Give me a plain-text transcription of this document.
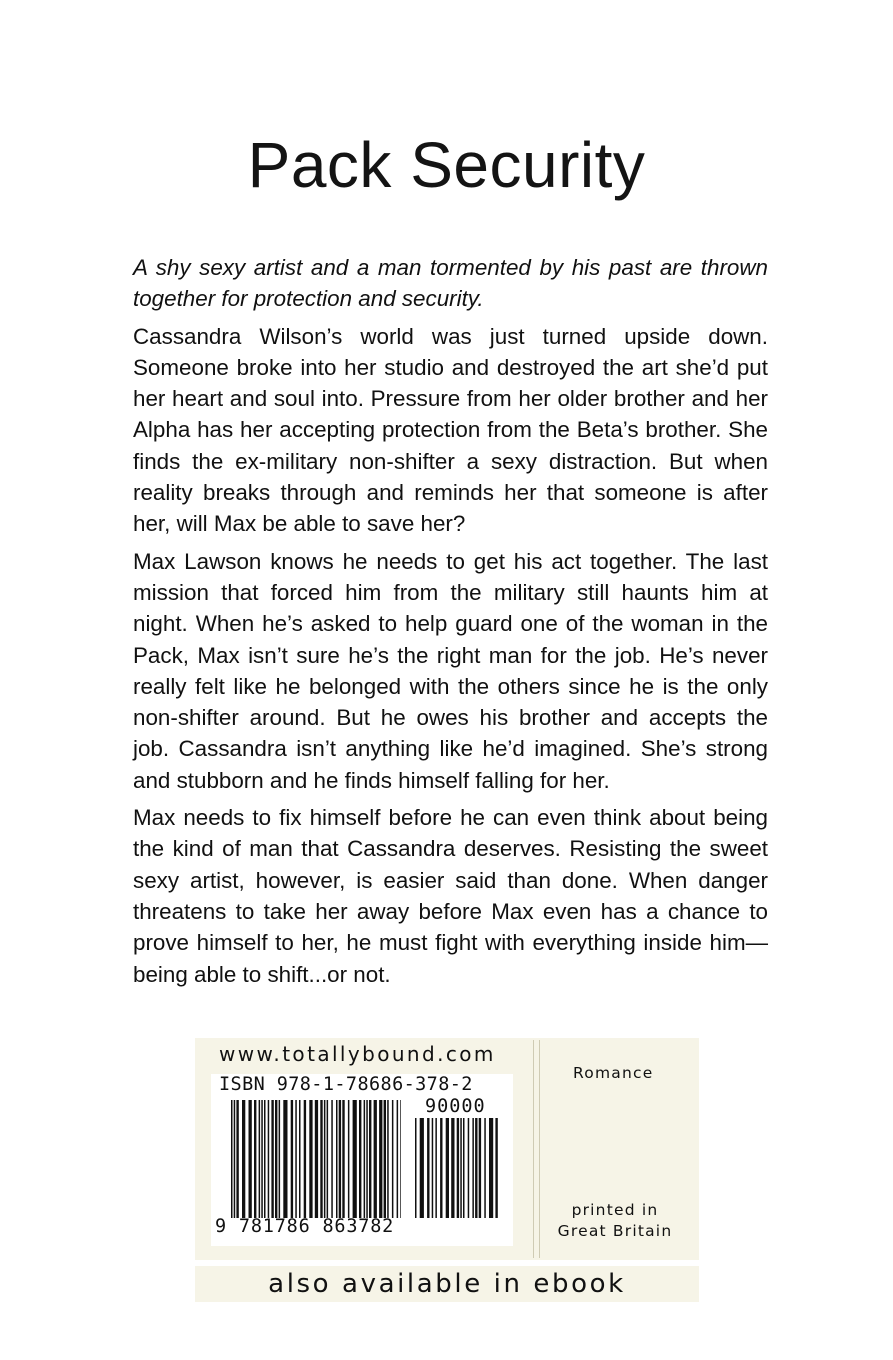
Pack Security

A shy sexy artist and a man tormented by his past are thrown together for protection and security.

Cassandra Wilson’s world was just turned upside down. Someone broke into her studio and destroyed the art she’d put her heart and soul into. Pressure from her older brother and her Alpha has her accepting protection from the Beta’s brother. She finds the ex-military non-shifter a sexy distraction. But when reality breaks through and reminds her that someone is after her, will Max be able to save her?

Max Lawson knows he needs to get his act together. The last mission that forced him from the military still haunts him at night. When he’s asked to help guard one of the woman in the Pack, Max isn’t sure he’s the right man for the job. He’s never really felt like he belonged with the others since he is the only non-shifter around. But he owes his brother and accepts the job. Cassandra isn’t anything like he’d imagined. She’s strong and stubborn and he finds himself falling for her.

Max needs to fix himself before he can even think about being the kind of man that Cassandra deserves. Resisting the sweet sexy artist, however, is easier said than done. When danger threatens to take her away before Max even has a chance to prove himself to her, he must fight with everything inside him—being able to shift...or not.

www.totallybound.com
ISBN 978-1-78686-378-2
90000
9 781786 863782
Romance
printed in
Great Britain
also available in ebook
